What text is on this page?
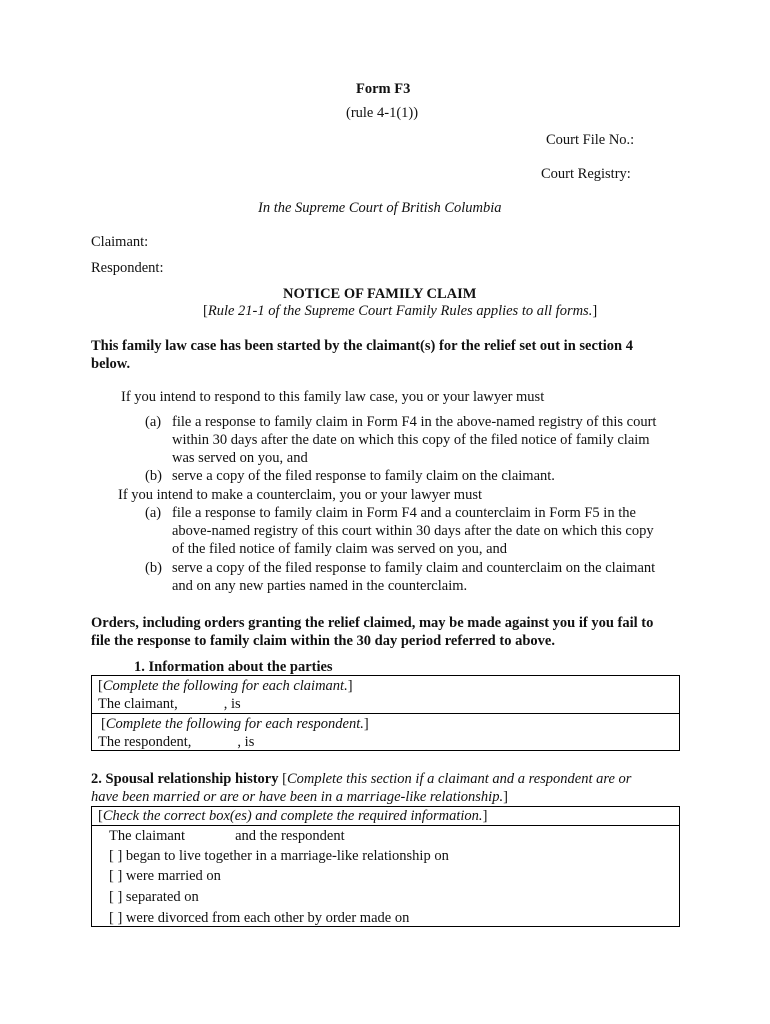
Form F3
(rule 4-1(1))
Court File No.:
Court Registry:
In the Supreme Court of British Columbia
Claimant:
Respondent:
NOTICE OF FAMILY CLAIM
[Rule 21-1 of the Supreme Court Family Rules applies to all forms.]
This family law case has been started by the claimant(s) for the relief set out in section 4
below.
If you intend to respond to this family law case, you or your lawyer must
(a) file a response to family claim in Form F4 in the above-named registry of this court

within 30 days after the date on which this copy of the filed notice of family claim

was served on you, and

(b) serve a copy of the filed response to family claim on the claimant.
If you intend to make a counterclaim, you or your lawyer must
(a) file a response to family claim in Form F4 and a counterclaim in Form F5 in the

above-named registry of this court within 30 days after the date on which this copy

of the filed notice of family claim was served on you, and

(b) serve a copy of the filed response to family claim and counterclaim on the claimant

and on any new parties named in the counterclaim.

Orders, including orders granting the relief claimed, may be made against you if you fail to
file the response to family claim within the 30 day period referred to above.
1. Information about the parties
[Complete the following for each claimant.]
The claimant,	, is
[Complete the following for each respondent.]
The respondent,	, is
2. Spousal relationship history [Complete this section if a claimant and a respondent are or
have been married or are or have been in a marriage-like relationship.]
[Check the correct box(es) and complete the required information.]
The claimant	and the respondent
[ ] began to live together in a marriage-like relationship on
[ ] were married on
[ ] separated on
[ ] were divorced from each other by order made on
